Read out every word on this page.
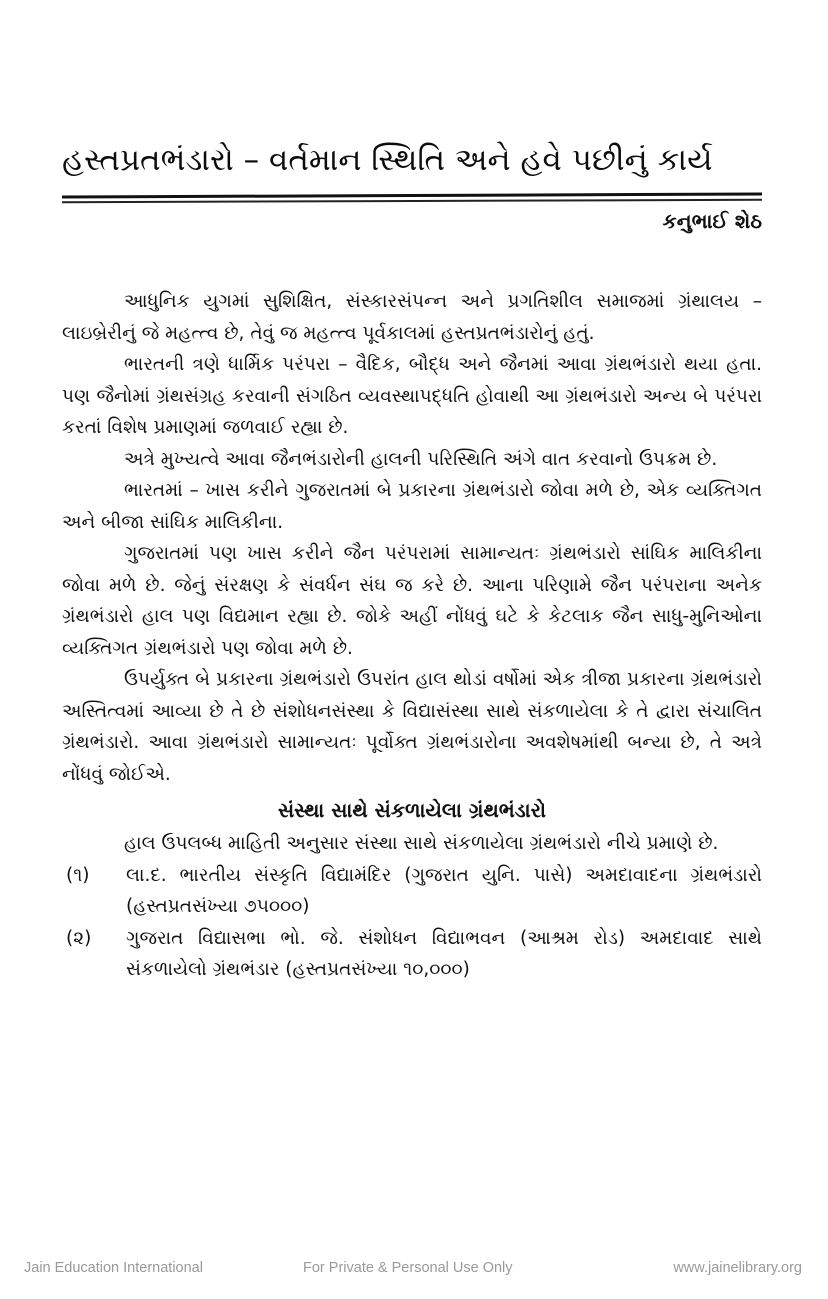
હસ્તપ્રતભંડારો – વર્તમાન સ્થિતિ અને હવે પછીનું કાર્ય
કનુભાઈ શેઠ

આધુનિક યુગમાં સુશિક્ષિત, સંસ્કારસંપન્ન અને પ્રગતિશીલ સમાજમાં ગ્રંથાલય – લાઇબ્રેરીનું જે મહત્ત્વ છે, તેવું જ મહત્ત્વ પૂર્વકાલમાં હસ્તપ્રતભંડારોનું હતું.

ભારતની ત્રણે ધાર્મિક પરંપરા – વૈદિક, બૌદ્ધ અને જૈનમાં આવા ગ્રંથભંડારો થયા હતા. પણ જૈનોમાં ગ્રંથસંગ્રહ કરવાની સંગઠિત વ્યવસ્થાપદ્ધતિ હોવાથી આ ગ્રંથભંડારો અન્ય બે પરંપરા કરતાં વિશેષ પ્રમાણમાં જળવાઈ રહ્યા છે.

અત્રે મુખ્યત્વે આવા જૈનભંડારોની હાલની પરિસ્થિતિ અંગે વાત કરવાનો ઉપક્રમ છે.

ભારતમાં – ખાસ કરીને ગુજરાતમાં બે પ્રકારના ગ્રંથભંડારો જોવા મળે છે, એક વ્યક્તિગત અને બીજા સાંઘિક માલિકીના.

ગુજરાતમાં પણ ખાસ કરીને જૈન પરંપરામાં સામાન્યતઃ ગ્રંથભંડારો સાંઘિક માલિકીના જોવા મળે છે. જેનું સંરક્ષણ કે સંવર્ધન સંઘ જ કરે છે. આના પરિણામે જૈન પરંપરાના અનેક ગ્રંથભંડારો હાલ પણ વિદ્યમાન રહ્યા છે. જોકે અહીં નોંધવું ઘટે કે કેટલાક જૈન સાધુ-મુનિઓના વ્યક્તિગત ગ્રંથભંડારો પણ જોવા મળે છે.

ઉપર્યુક્ત બે પ્રકારના ગ્રંથભંડારો ઉપરાંત હાલ થોડાં વર્ષોમાં એક ત્રીજા પ્રકારના ગ્રંથભંડારો અસ્તિત્વમાં આવ્યા છે તે છે સંશોધનસંસ્થા કે વિદ્યાસંસ્થા સાથે સંકળાયેલા કે તે દ્વારા સંચાલિત ગ્રંથભંડારો. આવા ગ્રંથભંડારો સામાન્યતઃ પૂર્વોક્ત ગ્રંથભંડારોના અવશેષમાંથી બન્યા છે, તે અત્રે નોંધવું જોઈએ.

સંસ્થા સાથે સંકળાયેલા ગ્રંથભંડારો

હાલ ઉપલબ્ધ માહિતી અનુસાર સંસ્થા સાથે સંકળાયેલા ગ્રંથભંડારો નીચે પ્રમાણે છે.

(૧) લા.દ. ભારતીય સંસ્કૃતિ વિદ્યામંદિર (ગુજરાત યુનિ. પાસે) અમદાવાદના ગ્રંથભંડારો (હસ્તપ્રતસંખ્યા ૭૫૦૦૦)
(૨) ગુજરાત વિદ્યાસભા ભો. જે. સંશોધન વિદ્યાભવન (આશ્રમ રોડ) અમદાવાદ સાથે સંકળાયેલો ગ્રંથભંડાર (હસ્તપ્રતસંખ્યા ૧૦,૦૦૦)
Jain Education International	For Private & Personal Use Only	www.jainelibrary.org
